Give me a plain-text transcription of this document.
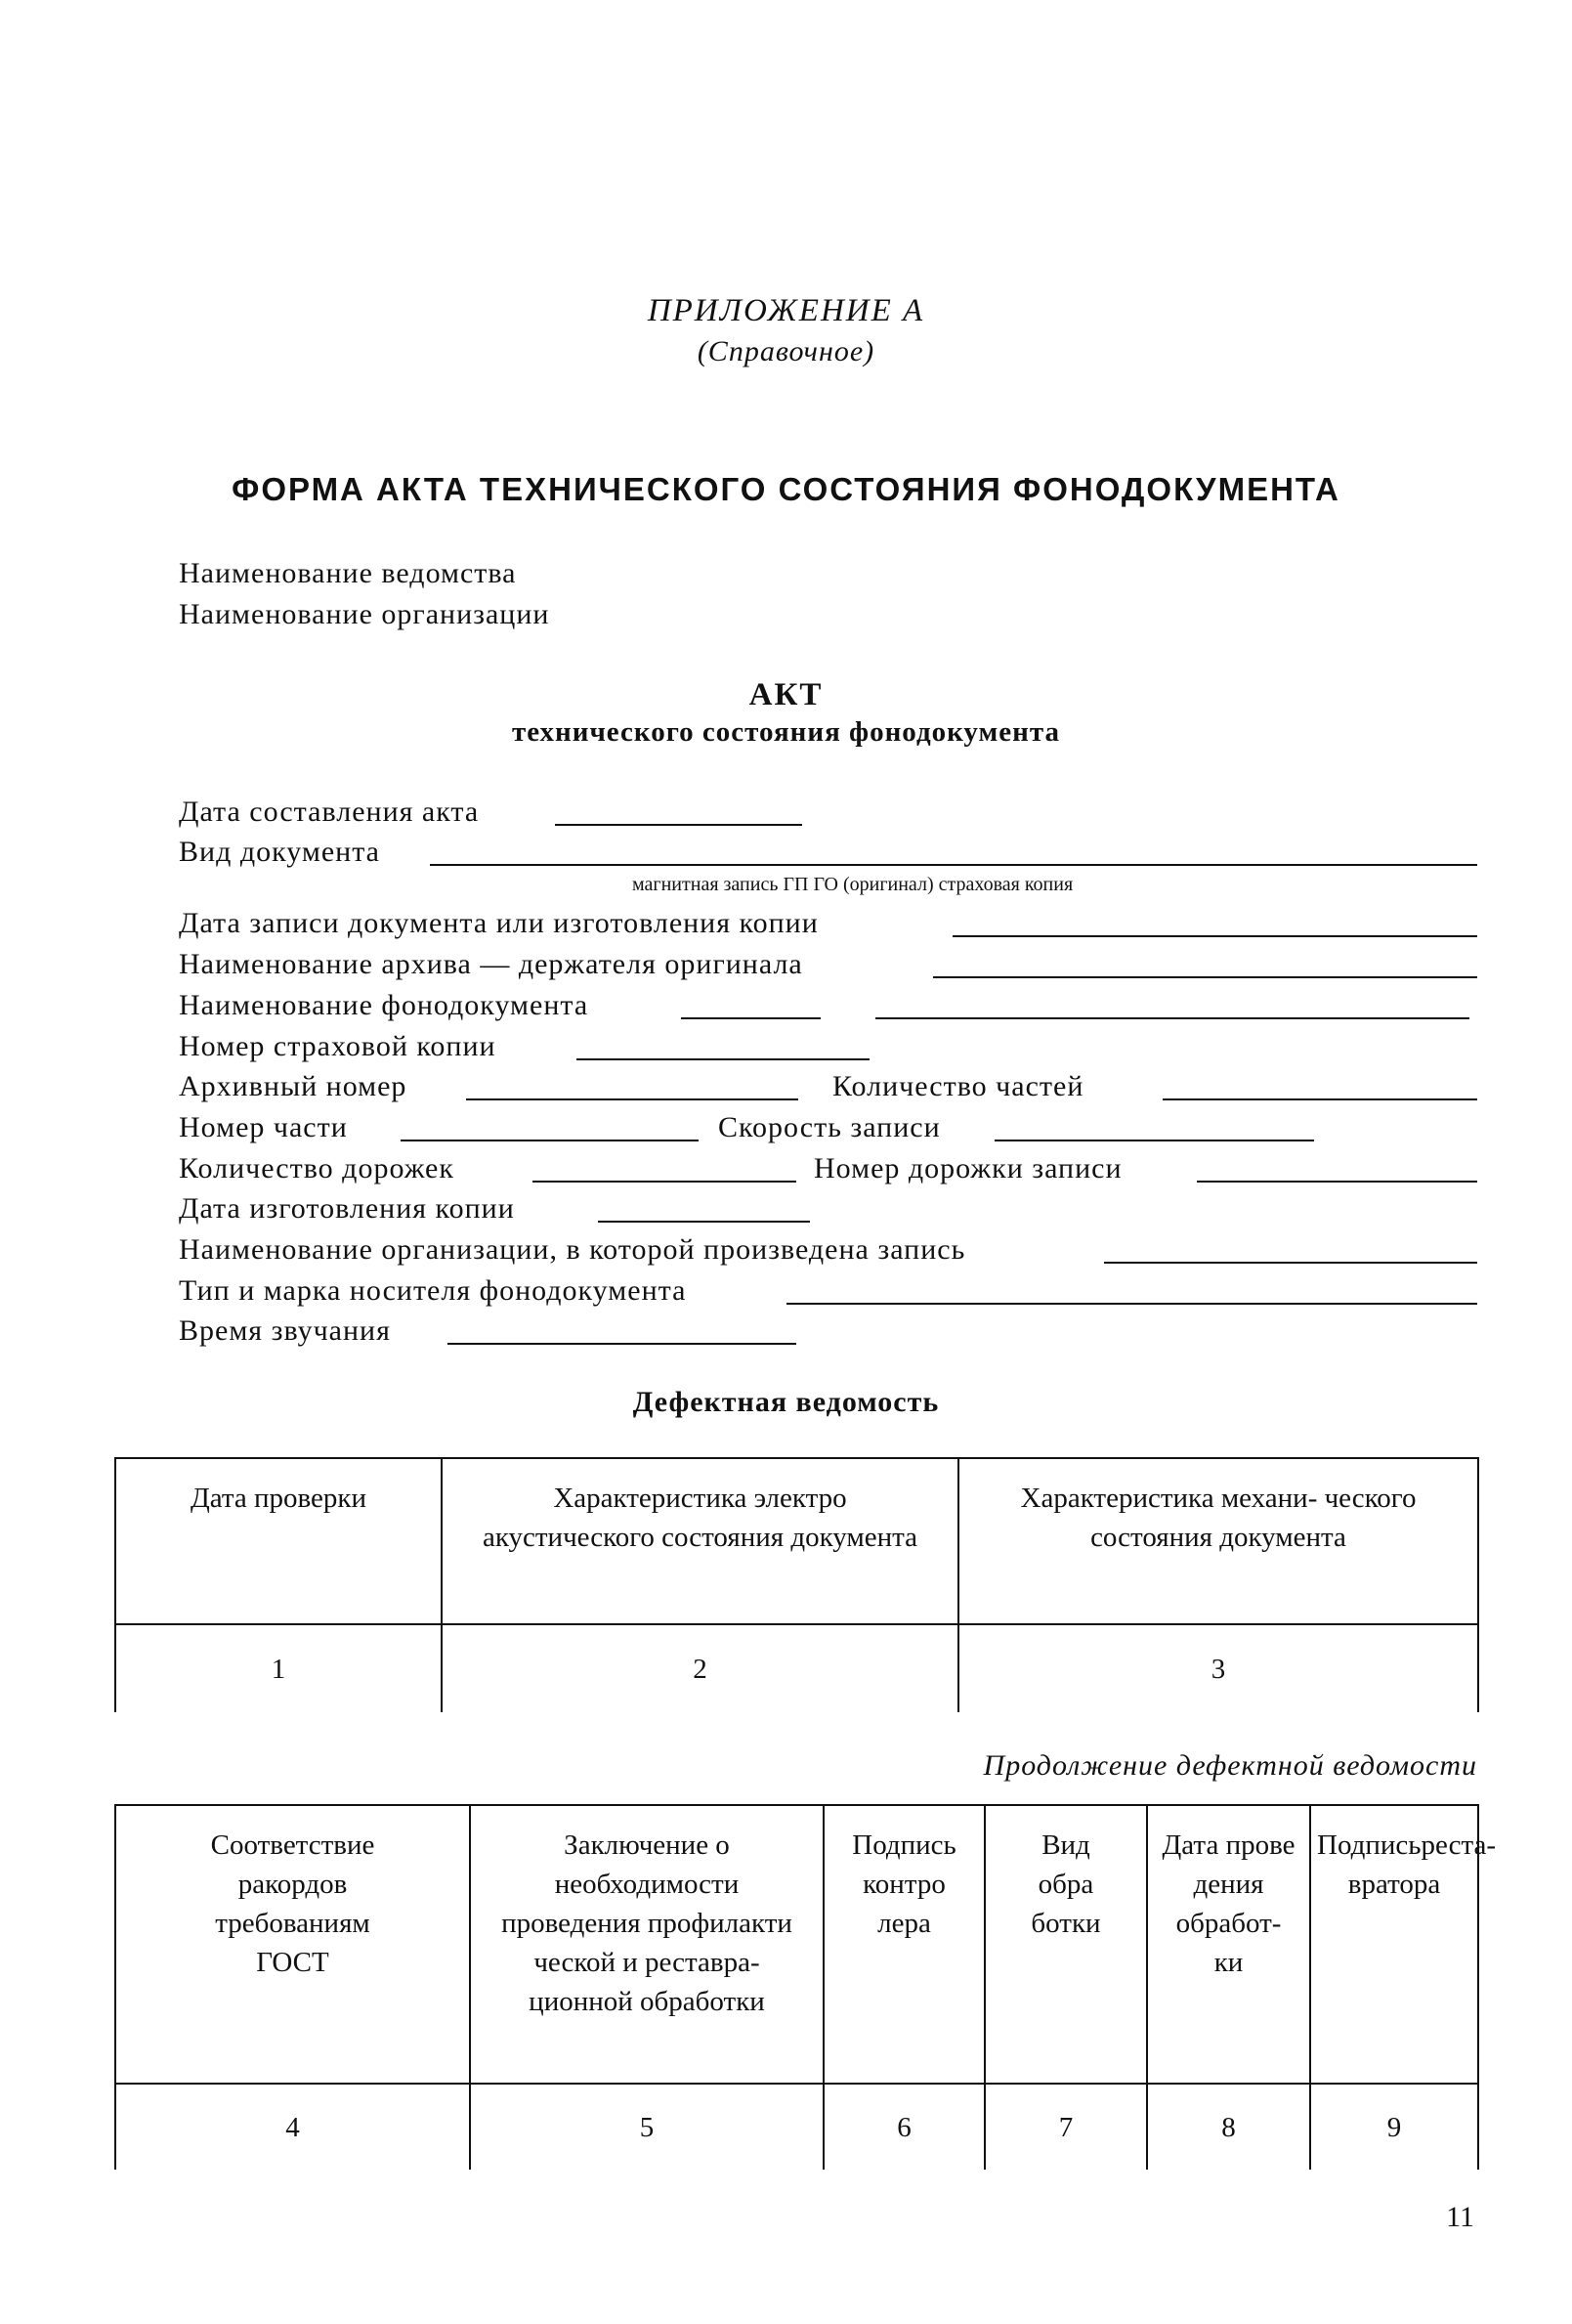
ПРИЛОЖЕНИЕ А
(Справочное)
ФОРМА АКТА ТЕХНИЧЕСКОГО СОСТОЯНИЯ ФОНОДОКУМЕНТА
Наименование ведомства
Наименование организации
АКТ
технического состояния фонодокумента
Дата составления акта
Вид документа
магнитная запись ГП ГО (оригинал) страховая копия
Дата записи документа или изготовления копии
Наименование архива — держателя оригинала
Наименование фонодокумента
Номер страховой копии
Архивный номер	Количество частей
Номер части	Скорость записи
Количество дорожек	Номер дорожки записи
Дата изготовления копии
Наименование организации, в которой произведена запись
Тип и марка носителя фонодокумента
Время звучания
Дефектная ведомость
Дата проверки	Характеристика электро акустического состояния документа	Характеристика механи- ческого состояния документа
1	2	3
Продолжение дефектной ведомости
Соответствие ракордов требованиям ГОСТ	Заключение о необходимости проведения профилакти ческой и реставра- ционной обработки	Подпись контро лера	Вид обра ботки	Дата прове дения обработ- ки	Подписьреста- вратора
4	5	6	7	8	9
11
